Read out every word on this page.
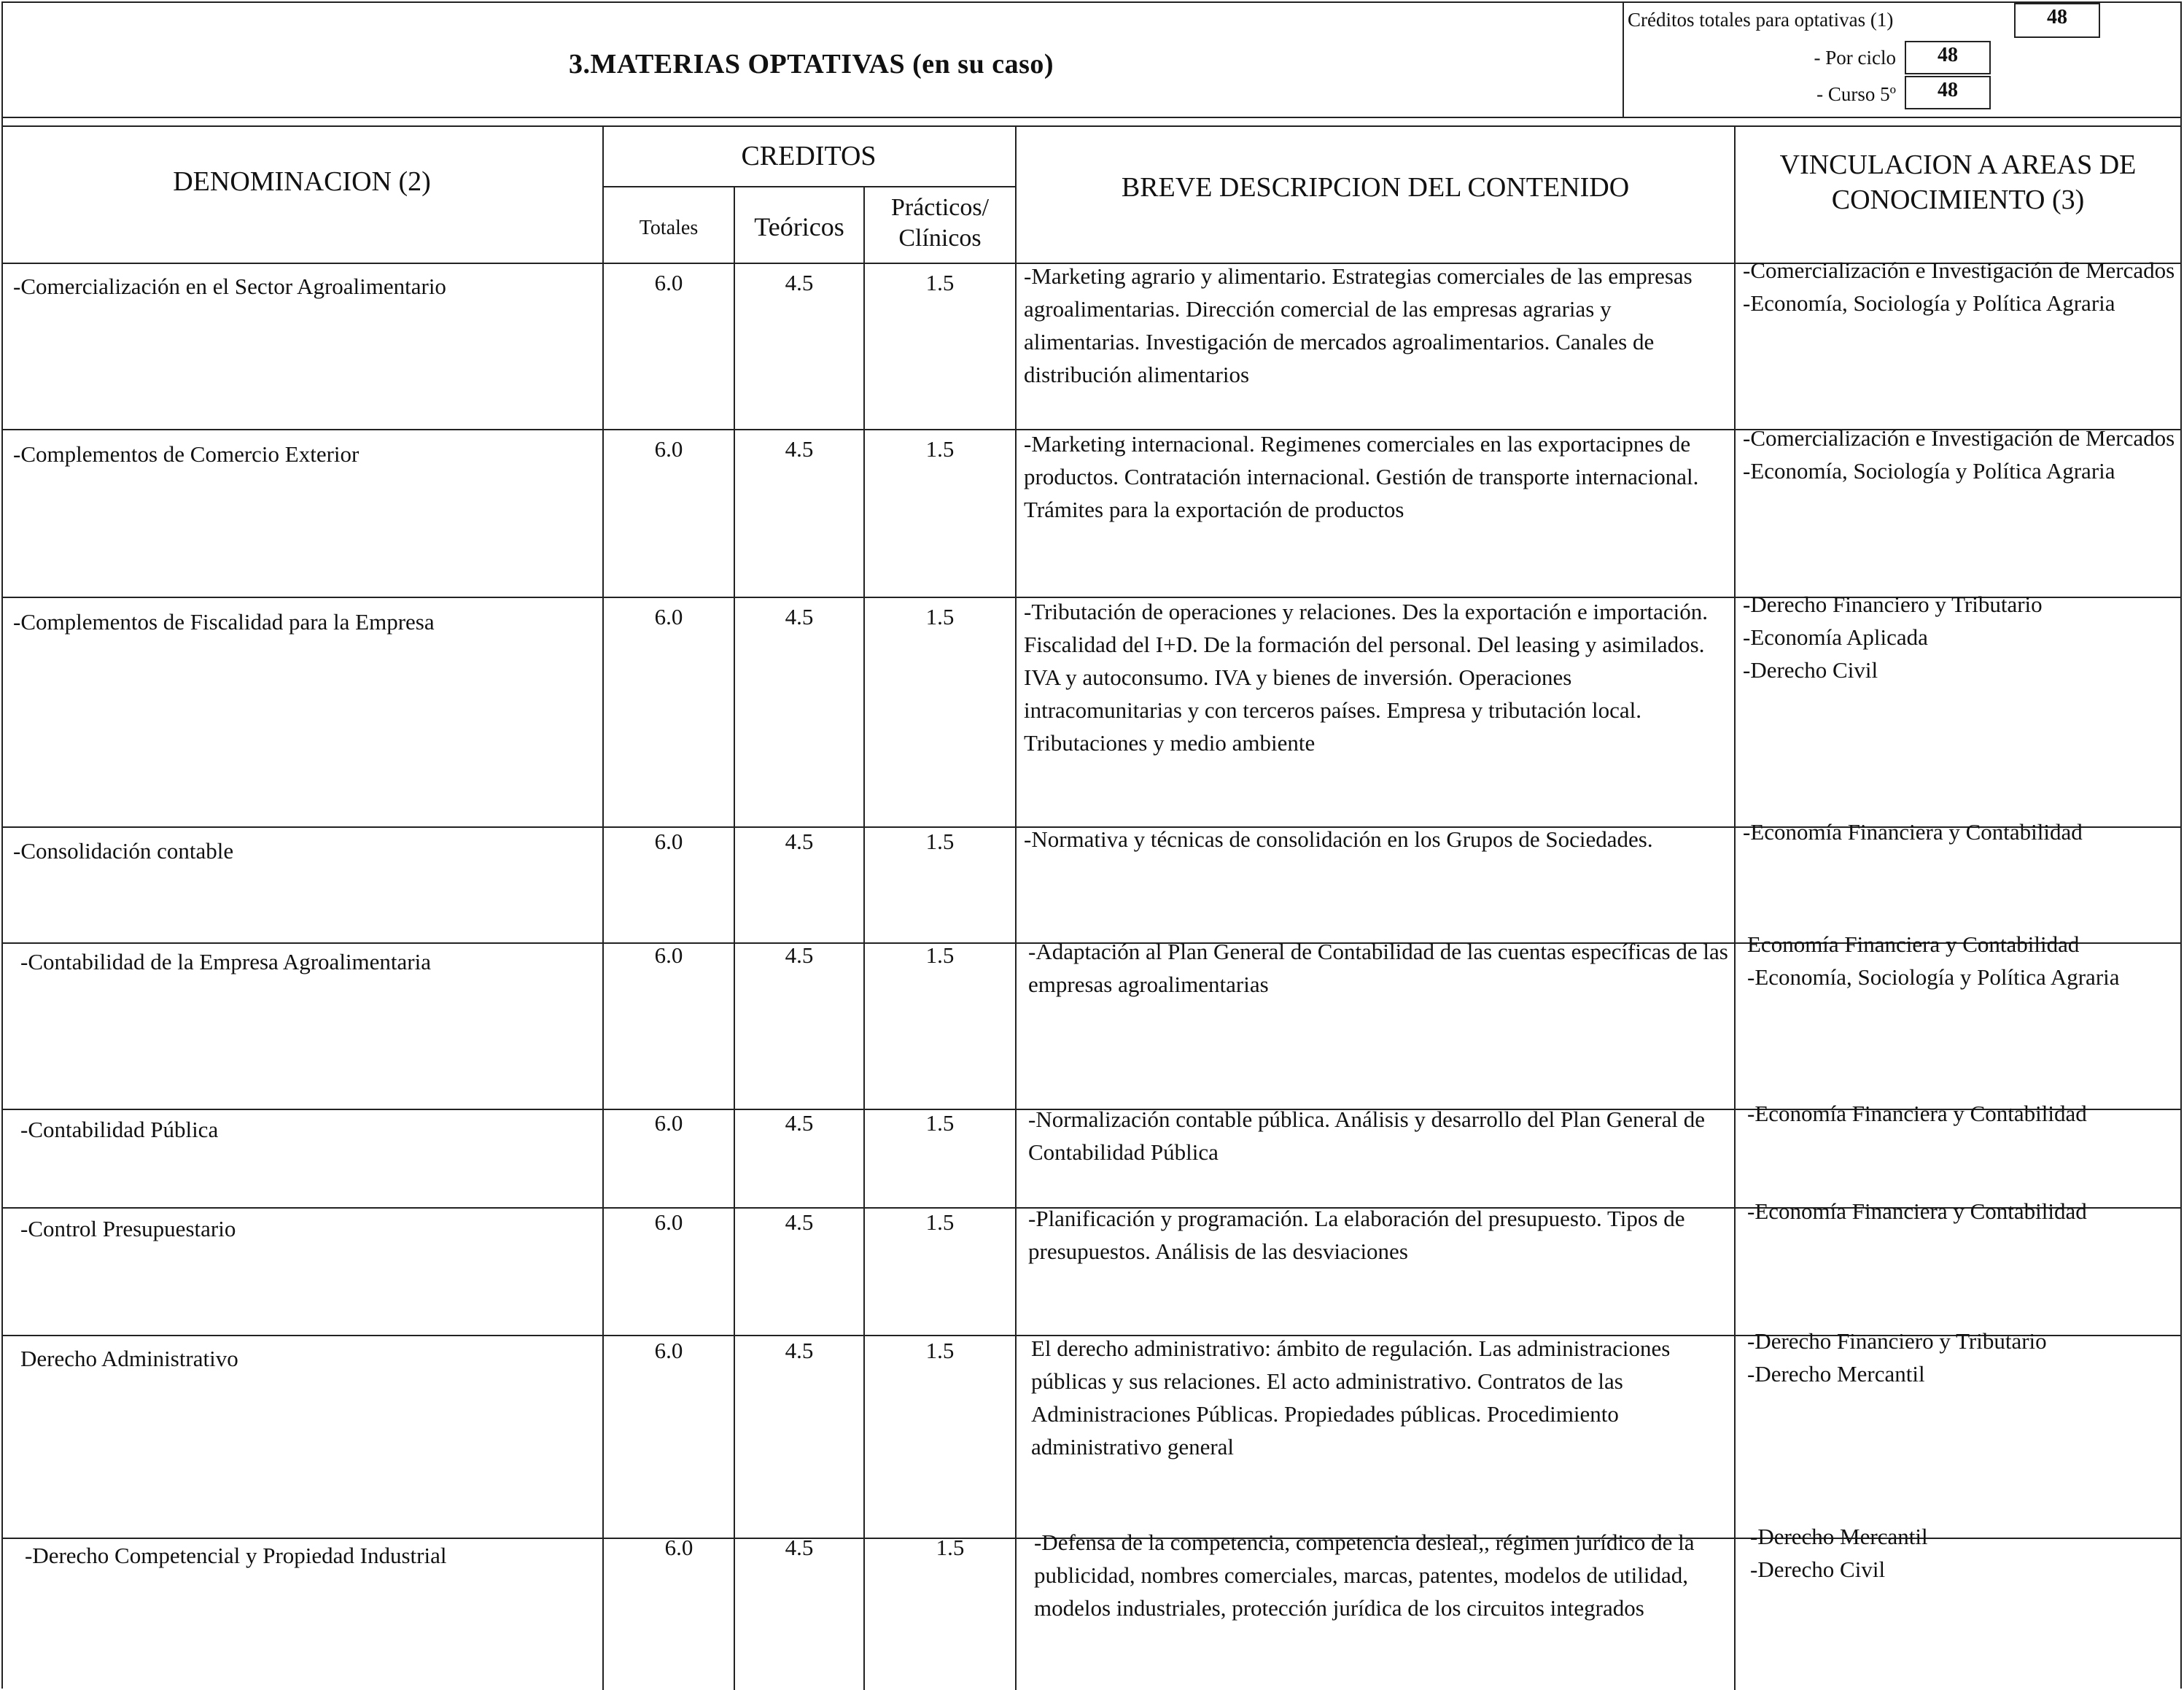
3.MATERIAS OPTATIVAS (en su caso)
Créditos totales para optativas (1)	48
- Por ciclo	48
- Curso 5º	48
DENOMINACION (2)
CREDITOS
Totales	Teóricos
Prácticos/ Clínicos
BREVE DESCRIPCION DEL CONTENIDO
VINCULACION A AREAS DE CONOCIMIENTO (3)
-Comercialización en el Sector Agroalimentario	6.0	4.5	1.5	-Marketing agrario y alimentario. Estrategias comerciales de las empresas agroalimentarias. Dirección comercial de las empresas agrarias y alimentarias. Investigación de mercados agroalimentarios. Canales de distribución alimentarios
-Comercialización e Investigación de Mercados
-Economía, Sociología y Política Agraria
-Complementos de Comercio Exterior	6.0	4.5	1.5	-Marketing internacional. Regimenes comerciales en las exportacipnes de productos. Contratación internacional. Gestión de transporte internacional. Trámites para la exportación de productos
-Comercialización e Investigación de Mercados
-Economía, Sociología y Política Agraria
-Complementos de Fiscalidad para la Empresa	6.0	4.5	1.5	-Tributación de operaciones y relaciones. Des la exportación e importación. Fiscalidad del I+D. De la formación del personal. Del leasing y asimilados. IVA y autoconsumo. IVA y bienes de inversión. Operaciones intracomunitarias y con terceros países. Empresa y tributación local. Tributaciones y medio ambiente
-Derecho Financiero y Tributario
-Economía Aplicada
-Derecho Civil
-Consolidación contable	6.0	4.5	1.5	-Normativa y técnicas de consolidación en los Grupos de Sociedades.	-Economía Financiera y Contabilidad
-Contabilidad de la Empresa Agroalimentaria	6.0	4.5	1.5	-Adaptación al Plan General de Contabilidad de las cuentas específicas de las empresas agroalimentarias
Economía Financiera y Contabilidad
-Economía, Sociología y Política Agraria
-Contabilidad Pública	6.0	4.5	1.5	-Normalización contable pública. Análisis y desarrollo del Plan General de Contabilidad Pública
-Economía Financiera y Contabilidad
-Control Presupuestario	6.0	4.5	1.5	-Planificación y programación. La elaboración del presupuesto. Tipos de presupuestos. Análisis de las desviaciones
-Economía Financiera y Contabilidad
Derecho Administrativo	6.0	4.5	1.5	El derecho administrativo: ámbito de regulación. Las administraciones públicas y sus relaciones. El acto administrativo. Contratos de las Administraciones Públicas. Propiedades públicas. Procedimiento administrativo general
-Derecho Financiero y Tributario
-Derecho Mercantil
-Derecho Competencial y Propiedad Industrial	6.0	4.5	1.5	-Defensa de la competencia, competencia desleal,, régimen jurídico de la publicidad, nombres comerciales, marcas, patentes, modelos de utilidad, modelos industriales, protección jurídica de los circuitos integrados
-Derecho Mercantil
-Derecho Civil
